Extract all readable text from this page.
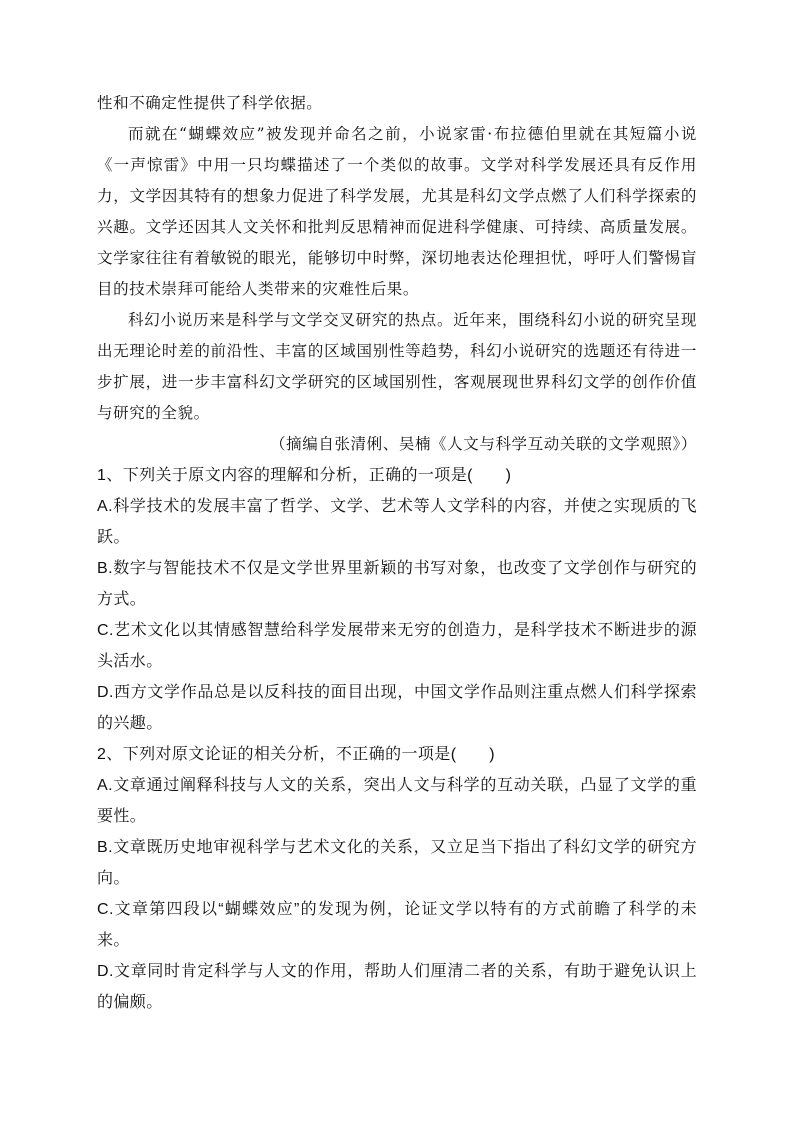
性和不确定性提供了科学依据。

而就在“蝴蝶效应”被发现并命名之前，小说家雷·布拉德伯里就在其短篇小说《一声惊雷》中用一只均蝶描述了一个类似的故事。文学对科学发展还具有反作用力，文学因其特有的想象力促进了科学发展，尤其是科幻文学点燃了人们科学探索的兴趣。文学还因其人文关怀和批判反思精神而促进科学健康、可持续、高质量发展。文学家往往有着敏锐的眼光，能够切中时弊，深切地表达伦理担忧，呼吁人们警惕盲目的技术崇拜可能给人类带来的灾难性后果。

科幻小说历来是科学与文学交叉研究的热点。近年来，围绕科幻小说的研究呈现出无理论时差的前沿性、丰富的区域国别性等趋势，科幻小说研究的选题还有待进一步扩展，进一步丰富科幻文学研究的区域国别性，客观展现世界科幻文学的创作价值与研究的全貌。

（摘编自张清俐、吴楠《人文与科学互动关联的文学观照》）

1、下列关于原文内容的理解和分析，正确的一项是(　　)

A.科学技术的发展丰富了哲学、文学、艺术等人文学科的内容，并使之实现质的飞跃。

B.数字与智能技术不仅是文学世界里新颖的书写对象，也改变了文学创作与研究的方式。

C.艺术文化以其情感智慧给科学发展带来无穷的创造力，是科学技术不断进步的源头活水。

D.西方文学作品总是以反科技的面目出现，中国文学作品则注重点燃人们科学探索的兴趣。

2、下列对原文论证的相关分析，不正确的一项是(　　)

A.文章通过阐释科技与人文的关系，突出人文与科学的互动关联，凸显了文学的重要性。

B.文章既历史地审视科学与艺术文化的关系，又立足当下指出了科幻文学的研究方向。

C.文章第四段以“蝴蝶效应”的发现为例，论证文学以特有的方式前瞻了科学的未来。

D.文章同时肯定科学与人文的作用，帮助人们厘清二者的关系，有助于避免认识上的偏颇。
